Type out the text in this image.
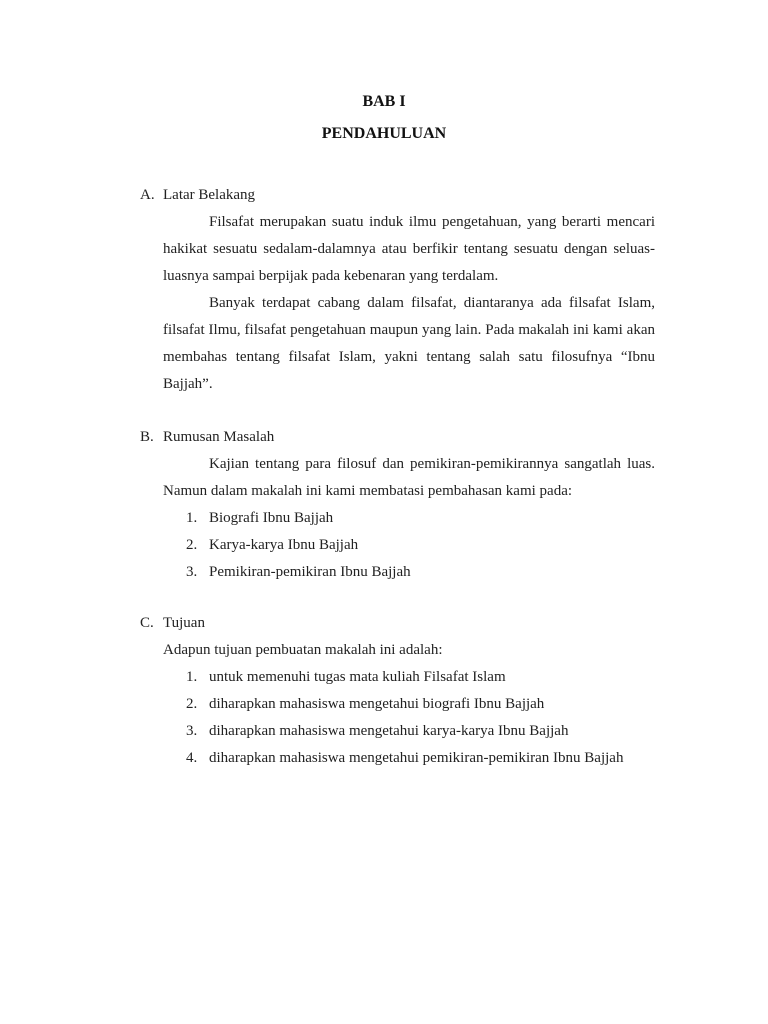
BAB I
PENDAHULUAN
A. Latar Belakang

Filsafat merupakan suatu induk ilmu pengetahuan, yang berarti mencari hakikat sesuatu sedalam-dalamnya atau berfikir tentang sesuatu dengan seluas-luasnya sampai berpijak pada kebenaran yang terdalam.

Banyak terdapat cabang dalam filsafat, diantaranya ada filsafat Islam, filsafat Ilmu, filsafat pengetahuan maupun yang lain. Pada makalah ini kami akan membahas tentang filsafat Islam, yakni tentang salah satu filosufnya “Ibnu Bajjah”.

B. Rumusan Masalah

Kajian tentang para filosuf dan pemikiran-pemikirannya sangatlah luas. Namun dalam makalah ini kami membatasi pembahasan kami pada:

1. Biografi Ibnu Bajjah
2. Karya-karya Ibnu Bajjah
3. Pemikiran-pemikiran Ibnu Bajjah
C. Tujuan

Adapun tujuan pembuatan makalah ini adalah:

1. untuk memenuhi tugas mata kuliah Filsafat Islam
2. diharapkan mahasiswa mengetahui biografi Ibnu Bajjah
3. diharapkan mahasiswa mengetahui karya-karya Ibnu Bajjah
4. diharapkan mahasiswa mengetahui pemikiran-pemikiran Ibnu Bajjah
